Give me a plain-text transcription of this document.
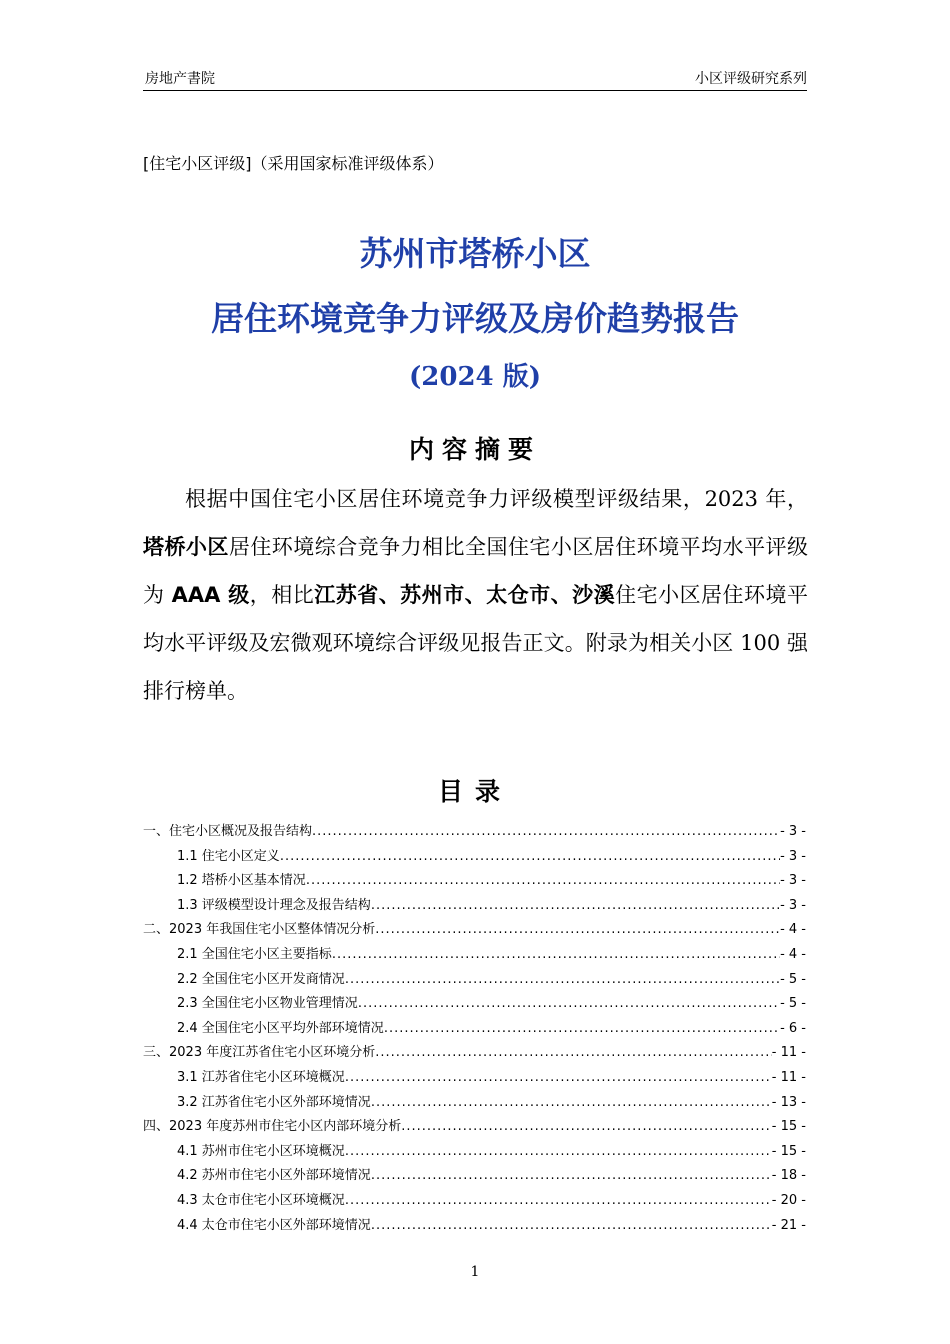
房地产書院	小区评级研究系列
[住宅小区评级]（采用国家标准评级体系）
苏州市塔桥小区
居住环境竞争力评级及房价趋势报告
(2024 版)
内容摘要

根据中国住宅小区居住环境竞争力评级模型评级结果，2023 年，塔桥小区居住环境综合竞争力相比全国住宅小区居住环境平均水平评级为 AAA 级，相比江苏省、苏州市、太仓市、沙溪住宅小区居住环境平均水平评级及宏微观环境综合评级见报告正文。附录为相关小区 100 强排行榜单。

目录
一、住宅小区概况及报告结构 .....	- 3 -
1.1 住宅小区定义 .....	- 3 -
1.2 塔桥小区基本情况 .....	- 3 -
1.3 评级模型设计理念及报告结构 .....	- 3 -
二、2023 年我国住宅小区整体情况分析 .....	- 4 -
2.1 全国住宅小区主要指标 .....	- 4 -
2.2 全国住宅小区开发商情况 .....	- 5 -
2.3 全国住宅小区物业管理情况 .....	- 5 -
2.4 全国住宅小区平均外部环境情况 .....	- 6 -
三、2023 年度江苏省住宅小区环境分析 .....	- 11 -
3.1 江苏省住宅小区环境概况 .....	- 11 -
3.2 江苏省住宅小区外部环境情况 .....	- 13 -
四、2023 年度苏州市住宅小区内部环境分析 .....	- 15 -
4.1 苏州市住宅小区环境概况 .....	- 15 -
4.2 苏州市住宅小区外部环境情况 .....	- 18 -
4.3 太仓市住宅小区环境概况 .....	- 20 -
4.4 太仓市住宅小区外部环境情况 .....	- 21 -
1
